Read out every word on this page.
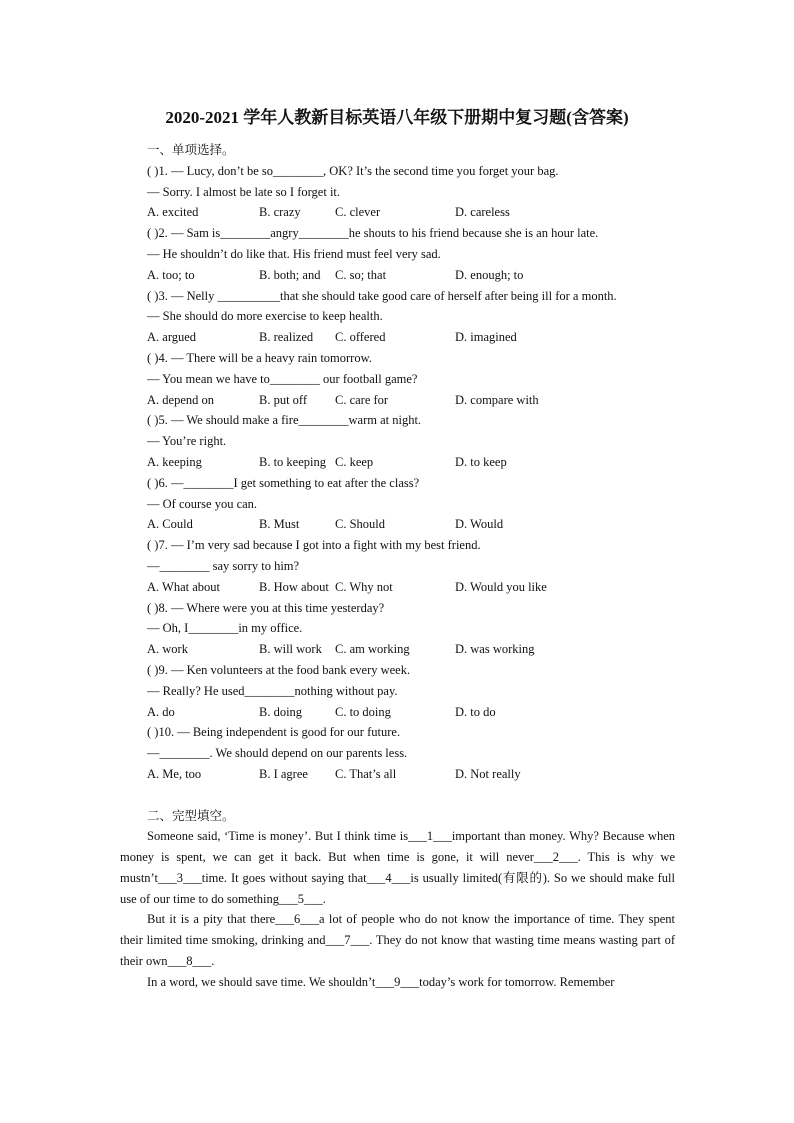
2020-2021 学年人教新目标英语八年级下册期中复习题(含答案)
一、单项选择。
( )1. — Lucy, don’t be so________, OK? It’s the second time you forget your bag.
— Sorry. I almost be late so I forget it.
A. excited	B. crazy	C. clever	D. careless
( )2. — Sam is________angry________he shouts to his friend because she is an hour late.
— He shouldn’t do like that. His friend must feel very sad.
A. too; to	B. both; and C. so; that	D. enough; to
( )3. — Nelly __________that she should take good care of herself after being ill for a month.
— She should do more exercise to keep health.
A. argued	B. realized C. offered	D. imagined
( )4. — There will be a heavy rain tomorrow.
— You mean we have to________ our football game?
A. depend on	B. put off C. care for	D. compare with
( )5. — We should make a fire________warm at night.
— You’re right.
A. keeping	B. to keeping C. keep	D. to keep
( )6. —________I get something to eat after the class?
— Of course you can.
A. Could	B. Must	C. Should	D. Would
( )7. — I’m very sad because I got into a fight with my best friend.
—________ say sorry to him?
A. What about	B. How about C. Why not	D. Would you like
( )8. — Where were you at this time yesterday?
— Oh, I________in my office.
A. work	B. will work C. am working	D. was working
( )9. — Ken volunteers at the food bank every week.
— Really? He used________nothing without pay.
A. do	B. doing	C. to doing	D. to do
( )10. — Being independent is good for our future.
—________. We should depend on our parents less.
A. Me, too	B. I agree C. That’s all	D. Not really
二、完型填空。
Someone said, ‘Time is money’. But I think time is___1___important than money. Why? Because when money is spent, we can get it back. But when time is gone, it will never___2___. This is why we mustn’t___3___time. It goes without saying that___4___is usually limited(有限的). So we should make full use of our time to do something___5___.
But it is a pity that there___6___a lot of people who do not know the importance of time. They spent their limited time smoking, drinking and___7___. They do not know that wasting time means wasting part of their own___8___.
In a word, we should save time. We shouldn’t___9___today’s work for tomorrow. Remember
